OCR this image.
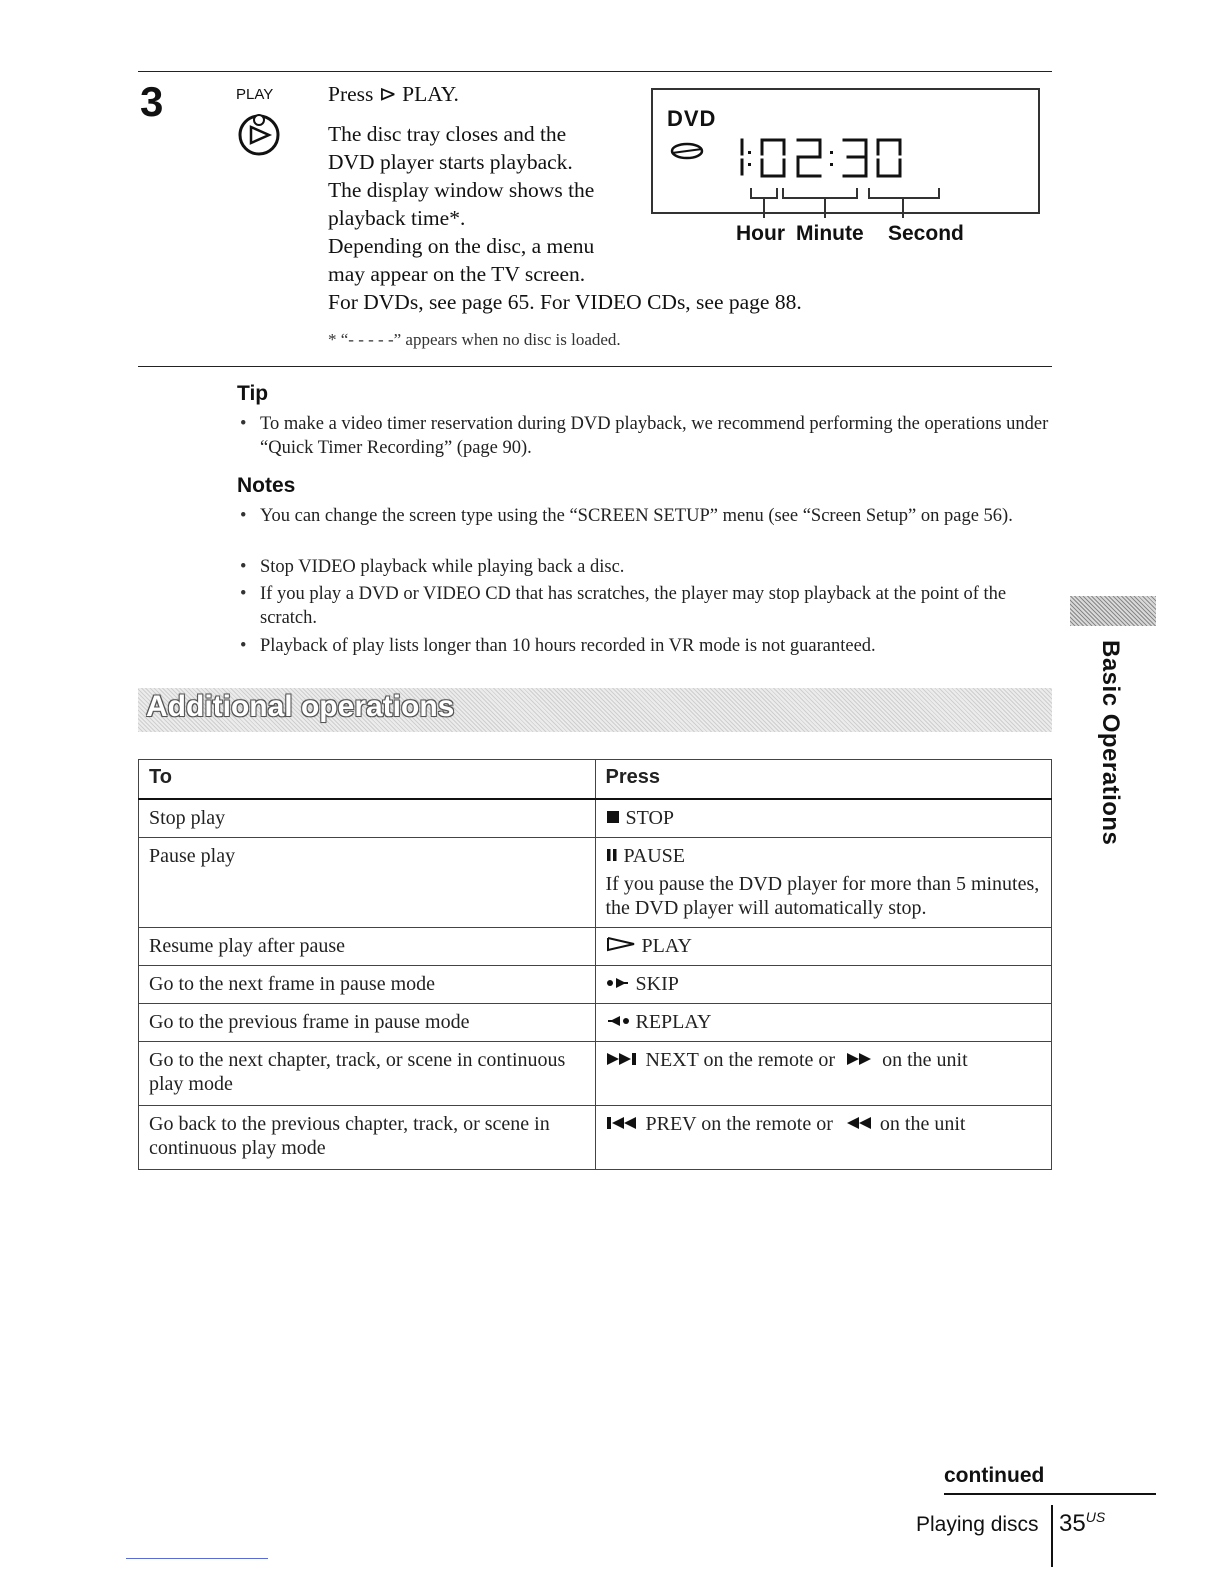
3	PLAY	Press ⊳ PLAY.
The disc tray closes and the
DVD player starts playback.
The display window shows the
playback time*.
Depending on the disc, a menu
may appear on the TV screen.
For DVDs, see page 65. For VIDEO CDs, see page 88.
* “- - - - -” appears when no disc is loaded.
DVD
Hour Minute Second
Tip
• To make a video timer reservation during DVD playback, we recommend performing the operations under “Quick Timer Recording” (page 90).
Notes
• You can change the screen type using the “SCREEN SETUP” menu (see “Screen Setup” on page 56).
• Stop VIDEO playback while playing back a disc.
• If you play a DVD or VIDEO CD that has scratches, the player may stop playback at the point of the scratch.
• Playback of play lists longer than 10 hours recorded in VR mode is not guaranteed.
Additional operations
To	Press
Stop play	STOP
Pause play	PAUSE
If you pause the DVD player for more than 5 minutes, the DVD player will automatically stop.

Resume play after pause	PLAY
Go to the next frame in pause mode	SKIP
Go to the previous frame in pause mode	REPLAY
Go to the next chapter, track, or scene in continuous play mode	NEXT on the remote or on the unit
Go back to the previous chapter, track, or scene in continuous play mode	PREV on the remote or on the unit
Basic Operations
continued
Playing discs $35^{US}$
